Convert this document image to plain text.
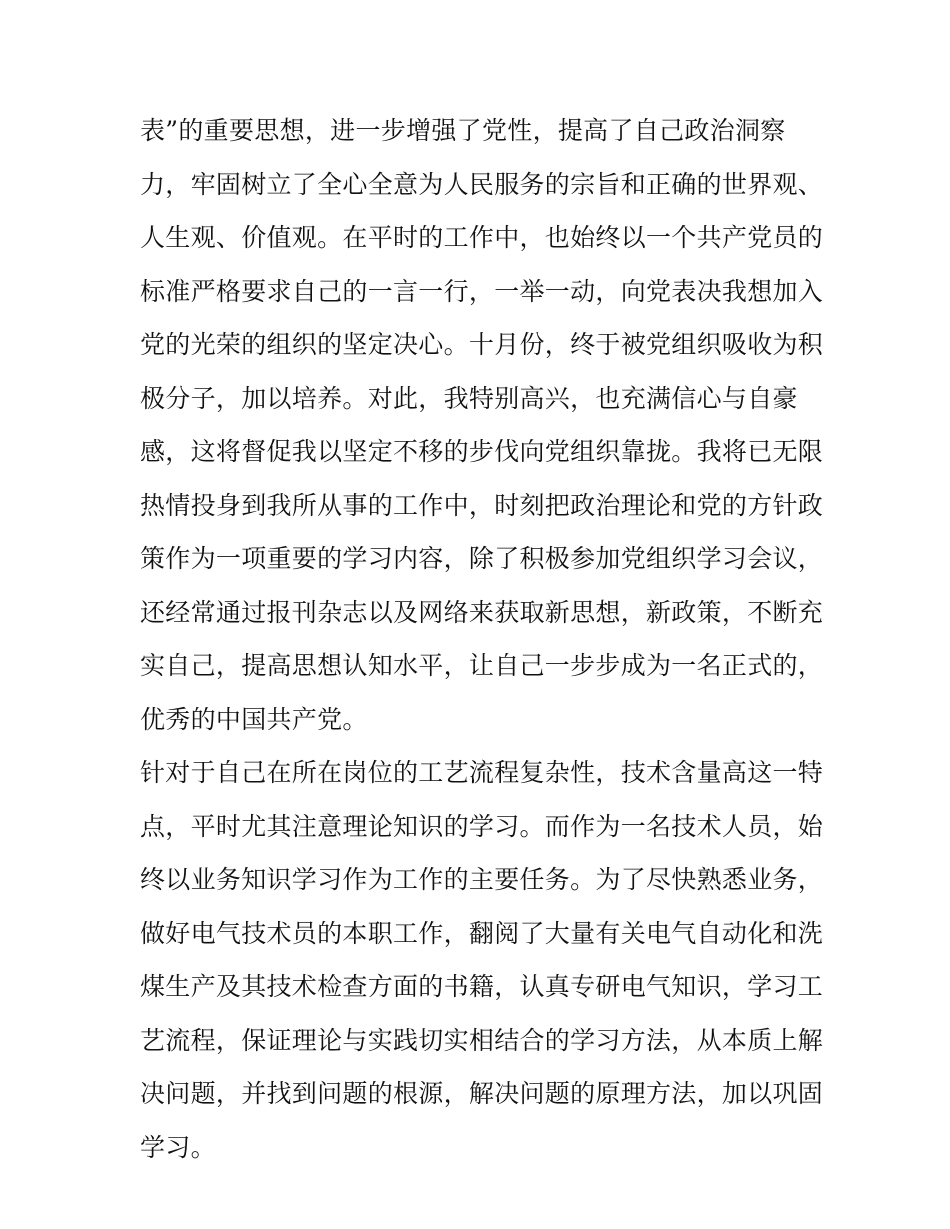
表”的重要思想，进一步增强了党性，提高了自己政治洞察
力，牢固树立了全心全意为人民服务的宗旨和正确的世界观、
人生观、价值观。在平时的工作中，也始终以一个共产党员的
标准严格要求自己的一言一行，一举一动，向党表决我想加入
党的光荣的组织的坚定决心。十月份，终于被党组织吸收为积
极分子，加以培养。对此，我特别高兴，也充满信心与自豪
感，这将督促我以坚定不移的步伐向党组织靠拢。我将已无限
热情投身到我所从事的工作中，时刻把政治理论和党的方针政
策作为一项重要的学习内容，除了积极参加党组织学习会议，
还经常通过报刊杂志以及网络来获取新思想，新政策，不断充
实自己，提高思想认知水平，让自己一步步成为一名正式的，
优秀的中国共产党。
针对于自己在所在岗位的工艺流程复杂性，技术含量高这一特
点，平时尤其注意理论知识的学习。而作为一名技术人员，始
终以业务知识学习作为工作的主要任务。为了尽快熟悉业务，
做好电气技术员的本职工作，翻阅了大量有关电气自动化和洗
煤生产及其技术检查方面的书籍，认真专研电气知识，学习工
艺流程，保证理论与实践切实相结合的学习方法，从本质上解
决问题，并找到问题的根源，解决问题的原理方法，加以巩固
学习。
